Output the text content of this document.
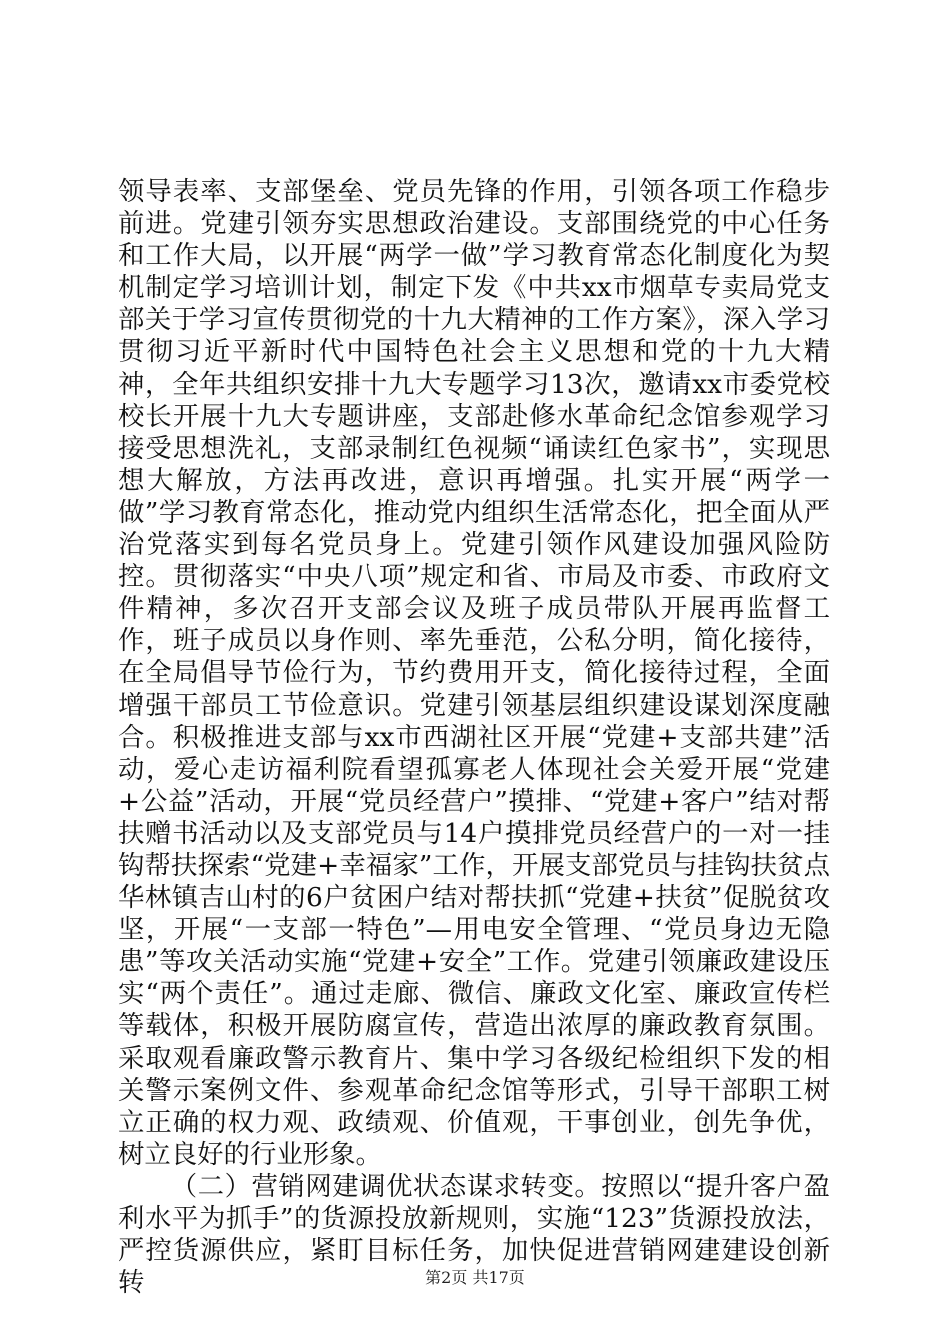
领导表率、支部堡垒、党员先锋的作用，引领各项工作稳步前进。党建引领夯实思想政治建设。支部围绕党的中心任务和工作大局，以开展“两学一做”学习教育常态化制度化为契机制定学习培训计划，制定下发《中共xx市烟草专卖局党支部关于学习宣传贯彻党的十九大精神的工作方案》，深入学习贯彻习近平新时代中国特色社会主义思想和党的十九大精神，全年共组织安排十九大专题学习13次，邀请xx市委党校校长开展十九大专题讲座，支部赴修水革命纪念馆参观学习接受思想洗礼，支部录制红色视频“诵读红色家书”，实现思想大解放，方法再改进，意识再增强。扎实开展“两学一做”学习教育常态化，推动党内组织生活常态化，把全面从严治党落实到每名党员身上。党建引领作风建设加强风险防控。贯彻落实“中央八项”规定和省、市局及市委、市政府文件精神，多次召开支部会议及班子成员带队开展再监督工作，班子成员以身作则、率先垂范，公私分明，简化接待，在全局倡导节俭行为，节约费用开支，简化接待过程，全面增强干部员工节俭意识。党建引领基层组织建设谋划深度融合。积极推进支部与xx市西湖社区开展“党建+支部共建”活动，爱心走访福利院看望孤寡老人体现社会关爱开展“党建+公益”活动，开展“党员经营户”摸排、“党建+客户”结对帮扶赠书活动以及支部党员与14户摸排党员经营户的一对一挂钩帮扶探索“党建+幸福家”工作，开展支部党员与挂钩扶贫点华林镇吉山村的6户贫困户结对帮扶抓“党建+扶贫”促脱贫攻坚，开展“一支部一特色”—用电安全管理、“党员身边无隐患”等攻关活动实施“党建+安全”工作。党建引领廉政建设压实“两个责任”。通过走廊、微信、廉政文化室、廉政宣传栏等载体，积极开展防腐宣传，营造出浓厚的廉政教育氛围。采取观看廉政警示教育片、集中学习各级纪检组织下发的相关警示案例文件、参观革命纪念馆等形式，引导干部职工树立正确的权力观、政绩观、价值观，干事创业，创先争优，树立良好的行业形象。

（二）营销网建调优状态谋求转变。按照以“提升客户盈利水平为抓手”的货源投放新规则，实施“123”货源投放法，严控货源供应，紧盯目标任务，加快促进营销网建建设创新转	第2页 共17页
